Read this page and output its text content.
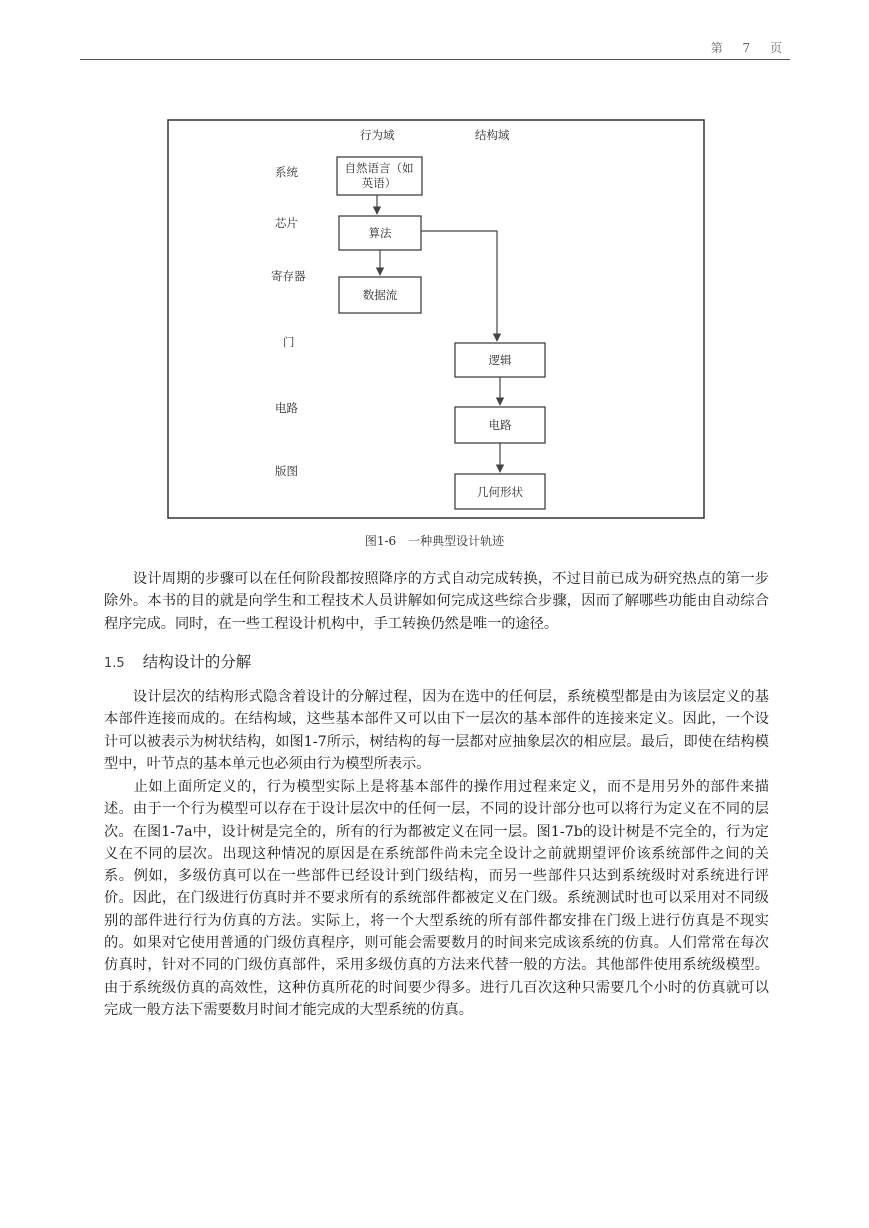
第 7 页
行为域	结构域
系统
芯片
寄存器
门
电路
版图
自然语言（如
英语）
算法
数据流
逻辑
电路
几何形状
图1-6　一种典型设计轨迹

　　设计周期的步骤可以在任何阶段都按照降序的方式自动完成转换，不过目前已成为研究热点的第一步除外。本书的目的就是向学生和工程技术人员讲解如何完成这些综合步骤，因而了解哪些功能由自动综合程序完成。同时，在一些工程设计机构中，手工转换仍然是唯一的途径。

1.5 结构设计的分解

　　设计层次的结构形式隐含着设计的分解过程，因为在选中的任何层，系统模型都是由为该层定义的基本部件连接而成的。在结构域，这些基本部件又可以由下一层次的基本部件的连接来定义。因此，一个设计可以被表示为树状结构，如图1-7所示，树结构的每一层都对应抽象层次的相应层。最后，即使在结构模型中，叶节点的基本单元也必须由行为模型所表示。

　　止如上面所定义的，行为模型实际上是将基本部件的操作用过程来定义，而不是用另外的部件来描述。由于一个行为模型可以存在于设计层次中的任何一层，不同的设计部分也可以将行为定义在不同的层次。在图1-7a中，设计树是完全的，所有的行为都被定义在同一层。图1-7b的设计树是不完全的，行为定义在不同的层次。出现这种情况的原因是在系统部件尚未完全设计之前就期望评价该系统部件之间的关系。例如，多级仿真可以在一些部件已经设计到门级结构，而另一些部件只达到系统级时对系统进行评价。因此，在门级进行仿真时并不要求所有的系统部件都被定义在门级。系统测试时也可以采用对不同级别的部件进行行为仿真的方法。实际上，将一个大型系统的所有部件都安排在门级上进行仿真是不现实的。如果对它使用普通的门级仿真程序，则可能会需要数月的时间来完成该系统的仿真。人们常常在每次仿真时，针对不同的门级仿真部件，采用多级仿真的方法来代替一般的方法。其他部件使用系统级模型。由于系统级仿真的高效性，这种仿真所花的时间要少得多。进行几百次这种只需要几个小时的仿真就可以完成一般方法下需要数月时间才能完成的大型系统的仿真。
